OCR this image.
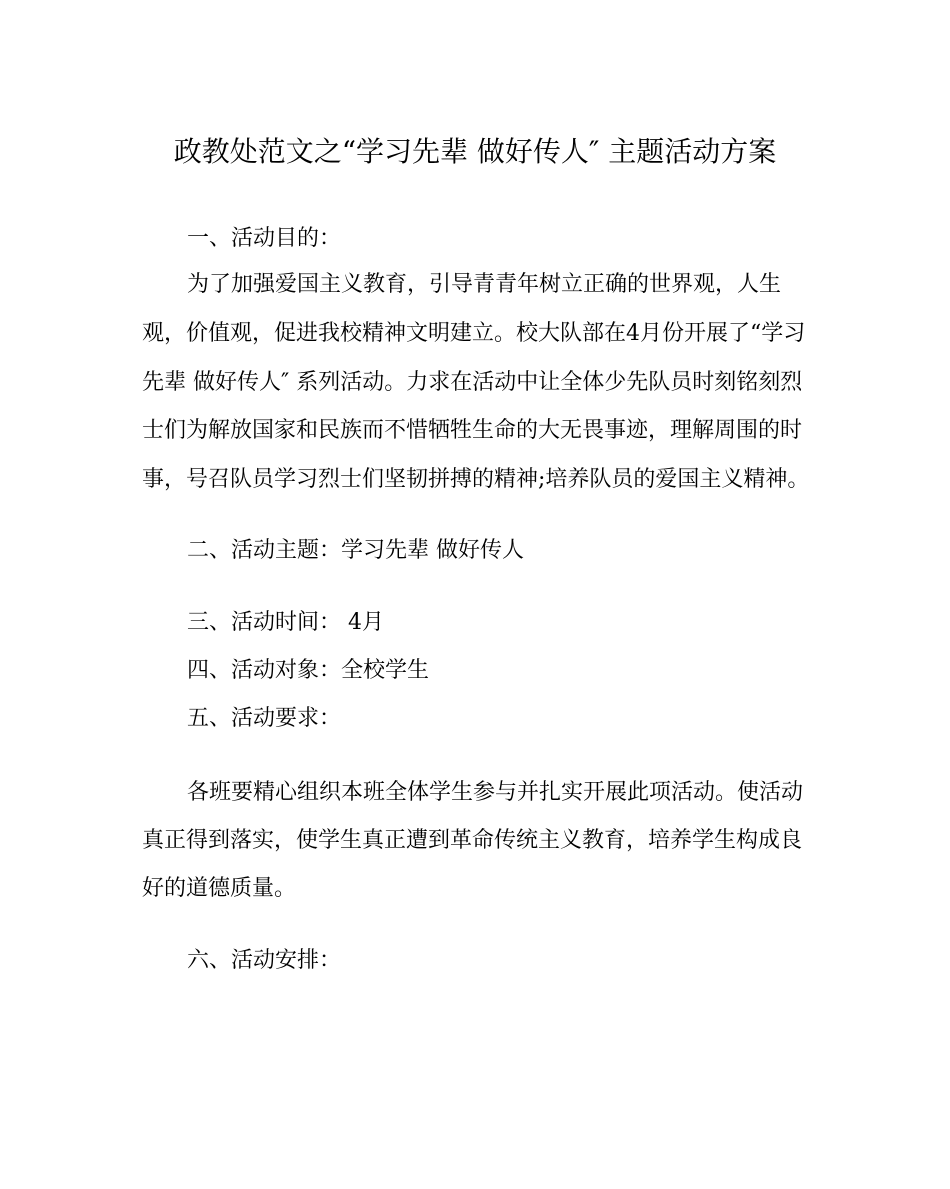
政教处范文之“学习先辈 做好传人″ 主题活动方案
一、活动目的：
为了加强爱国主义教育，引导青青年树立正确的世界观，人生
观，价值观，促进我校精神文明建立。校大队部在4月份开展了“学习
先辈 做好传人″ 系列活动。力求在活动中让全体少先队员时刻铭刻烈
士们为解放国家和民族而不惜牺牲生命的大无畏事迹，理解周围的时
事，号召队员学习烈士们坚韧拼搏的精神;培养队员的爱国主义精神。
二、活动主题：学习先辈 做好传人
三、活动时间： 4月
四、活动对象：全校学生
五、活动要求：
各班要精心组织本班全体学生参与并扎实开展此项活动。使活动
真正得到落实，使学生真正遭到革命传统主义教育，培养学生构成良
好的道德质量。
六、活动安排：
